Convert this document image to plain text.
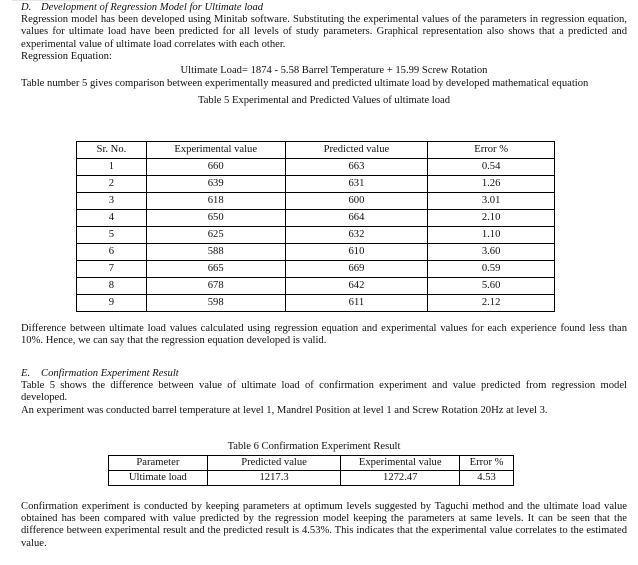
D. Development of Regression Model for Ultimate load

Regression model has been developed using Minitab software. Substituting the experimental values of the parameters in regression equation, values for ultimate load have been predicted for all levels of study parameters. Graphical representation also shows that a predicted and experimental value of ultimate load correlates with each other.

Regression Equation:

Ultimate Load= 1874 - 5.58 Barrel Temperature + 15.99 Screw Rotation

Table number 5 gives comparison between experimentally measured and predicted ultimate load by developed mathematical equation

Table 5 Experimental and Predicted Values of ultimate load

Sr. No.	Experimental value	Predicted value	Error %
1	660	663	0.54
2	639	631	1.26
3	618	600	3.01
4	650	664	2.10
5	625	632	1.10
6	588	610	3.60
7	665	669	0.59
8	678	642	5.60
9	598	611	2.12

Difference between ultimate load values calculated using regression equation and experimental values for each experience found less than 10%. Hence, we can say that the regression equation developed is valid.

E. Confirmation Experiment Result

Table 5 shows the difference between value of ultimate load of confirmation experiment and value predicted from regression model developed.

An experiment was conducted barrel temperature at level 1, Mandrel Position at level 1 and Screw Rotation 20Hz at level 3.

Table 6 Confirmation Experiment Result

Parameter	Predicted value	Experimental value	Error %
Ultimate load	1217.3	1272.47	4.53

Confirmation experiment is conducted by keeping parameters at optimum levels suggested by Taguchi method and the ultimate load value obtained has been compared with value predicted by the regression model keeping the parameters at same levels. It can be seen that the difference between experimental result and the predicted result is 4.53%. This indicates that the experimental value correlates to the estimated value.
